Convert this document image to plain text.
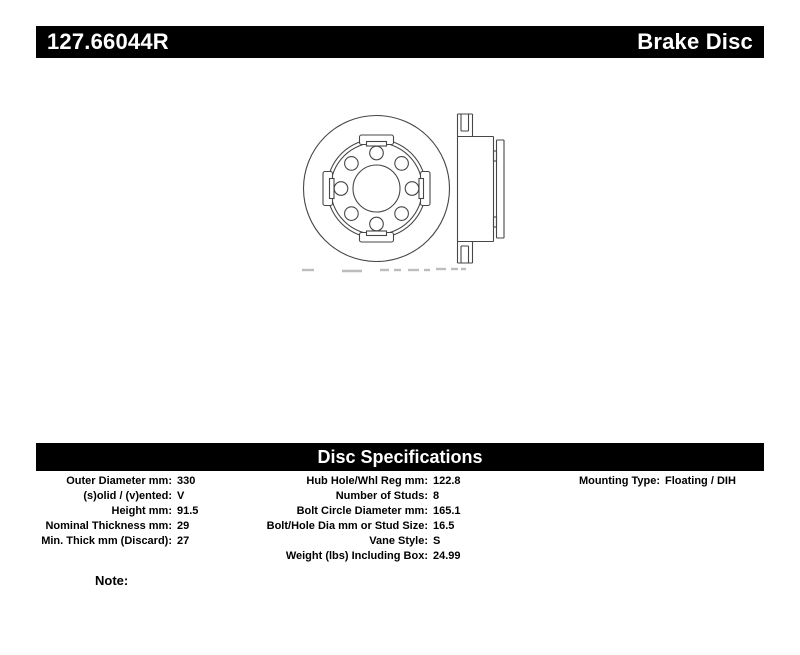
127.66044R	Brake Disc
Disc Specifications
Outer Diameter mm: 330
(s)olid / (v)ented: V
Height mm: 91.5
Nominal Thickness mm: 29
Min. Thick mm (Discard): 27
Hub Hole/Whl Reg mm: 122.8
Number of Studs: 8
Bolt Circle Diameter mm: 165.1
Bolt/Hole Dia mm or Stud Size: 16.5
Vane Style: S
Weight (lbs) Including Box: 24.99
Mounting Type: Floating / DIH
Note:
